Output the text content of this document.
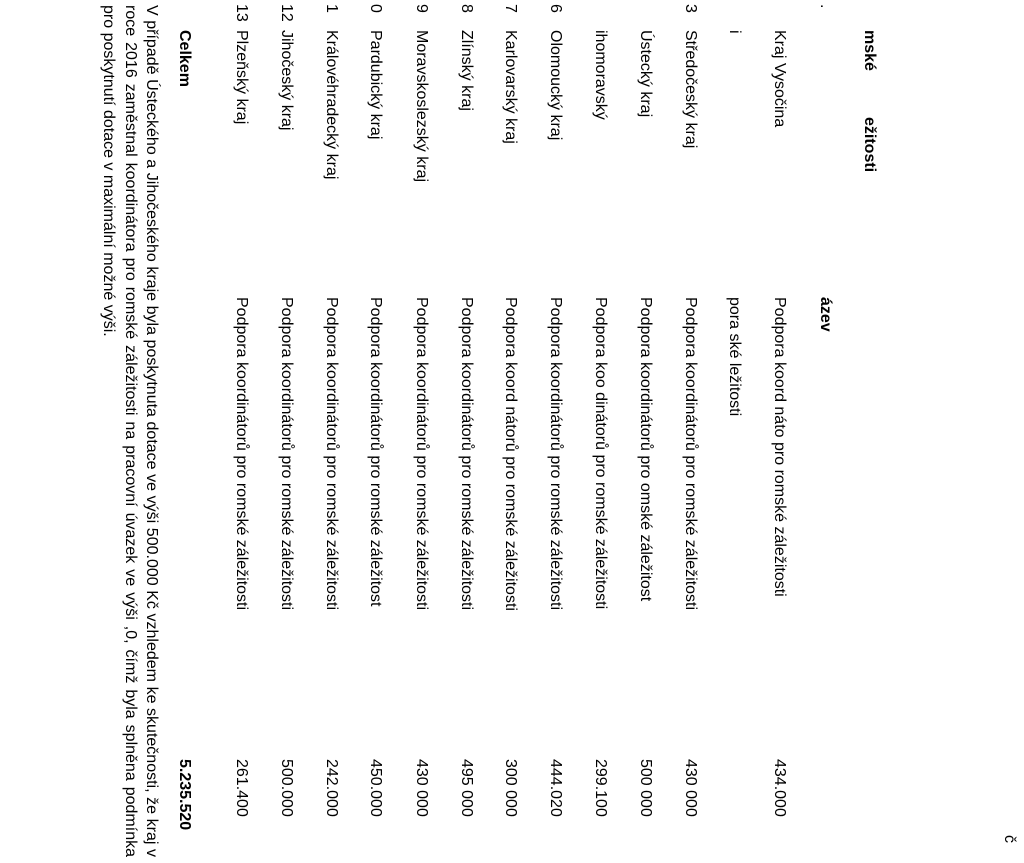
č
mské
ežitosti
.
ázev
Kraj Vysočina
Podpora koord náto pro romské záležitosti
434.000
i
pora ské ležitosti
3
Středočeský kraj
Podpora koordinátorů pro romské záležitosti
430 000
Ústecký kraj
Podpora koordinátorů pro omské záležitost
500 000
ihomoravský
Podpora koo dinátorů pro romské záležitosti
299.100
6
Olomoucký kraj
Podpora koordinátorů pro romské záležitosti
444.020
7
Karlovarský kraj
Podpora koord nátorů pro romské záležitosti
300 000
8
Zlínský kraj
Podpora koordinátorů pro romské záležitosti
495 000
9
Moravskoslezský kraj
Podpora koordinátorů pro romské záležitosti
430 000
0
Pardubický kraj
Podpora koordinátorů pro romské záležitost
450.000
1
Královéhradecký kraj
Podpora koordinátorů pro romské záležitosti
242.000
12
Jihočeský kraj
Podpora koordinátorů pro romské záležitosti
500.000
13
Plzeňský kraj
Podpora koordinátorů pro romské záležitosti
261.400
Celkem
5.235.520
V případě Ústeckého a Jihočeského kraje byla poskytnuta dotace ve výši 500.000 Kč vzhledem ke skutečnosti, že kraj v roce 2016 zaměstnal koordinátora pro romské záležitosti na pracovní úvazek ve výši ,0, čímž byla splněna podmínka pro poskytnutí dotace v maximální možné výši.
